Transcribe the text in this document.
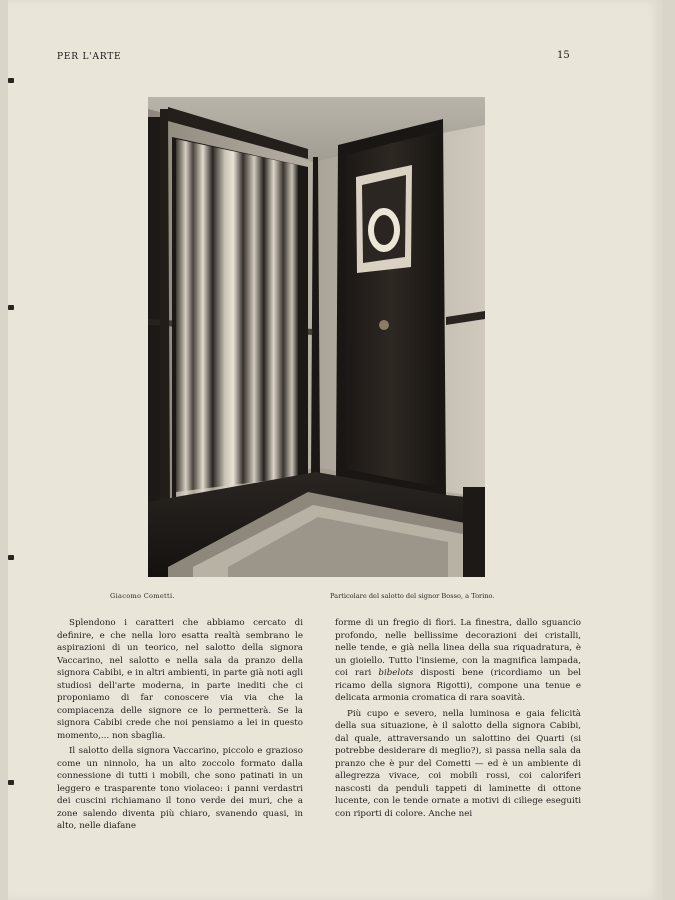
PER L'ARTE	15
Giacomo Cometti.	Particolare del salotto del signor Bosso, a Torino.

Splendono i caratteri che abbiamo cercato di definire, e che nella loro esatta realtà sembrano le aspirazioni di un teorico, nel salotto della signora Vaccarino, nel salotto e nella sala da pranzo della signora Cabibi, e in altri ambienti, in parte già noti agli studiosi dell'arte moderna, in parte inediti che ci proponiamo di far conoscere via via che la compiacenza delle signore ce lo permetterà. Se la signora Cabibi crede che noi pensiamo a lei in questo momento,... non sbaglia.

Il salotto della signora Vaccarino, piccolo e grazioso come un ninnolo, ha un alto zoccolo formato dalla connessione di tutti i mobili, che sono patinati in un leggero e trasparente tono violaceo: i panni verdastri dei cuscini richiamano il tono verde dei muri, che a zone salendo diventa più chiaro, svanendo quasi, in alto, nelle diafane

forme di un fregio di fiori. La finestra, dallo sguancio profondo, nelle bellissime decorazioni dei cristalli, nelle tende, e già nella linea della sua riquadratura, è un gioiello. Tutto l'insieme, con la magnifica lampada, coi rari bibelots disposti bene (ricordiamo un bel ricamo della signora Rigotti), compone una tenue e delicata armonia cromatica di rara soavità.

Più cupo e severo, nella luminosa e gaia felicità della sua situazione, è il salotto della signora Cabibi, dal quale, attraversando un salottino dei Quarti (si potrebbe desiderare di meglio?), si passa nella sala da pranzo che è pur del Cometti — ed è un ambiente di allegrezza vivace, coi mobili rossi, coi caloriferi nascosti da penduli tappeti di laminette di ottone lucente, con le tende ornate a motivi di ciliege eseguiti con riporti di colore. Anche nei
